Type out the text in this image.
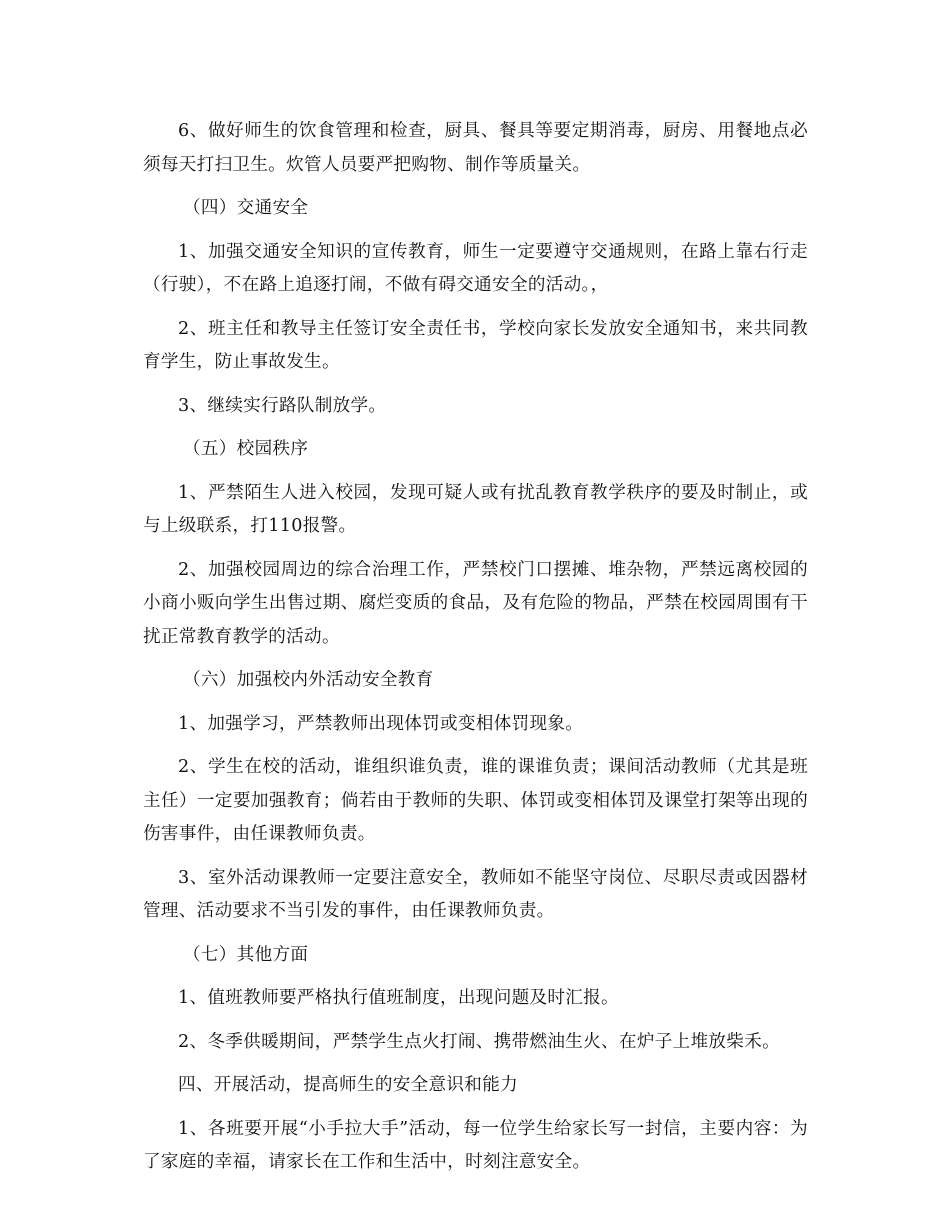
6、做好师生的饮食管理和检查，厨具、餐具等要定期消毒，厨房、用餐地点必须每天打扫卫生。炊管人员要严把购物、制作等质量关。

（四）交通安全

1、加强交通安全知识的宣传教育，师生一定要遵守交通规则，在路上靠右行走（行驶），不在路上追逐打闹，不做有碍交通安全的活动。，

2、班主任和教导主任签订安全责任书，学校向家长发放安全通知书，来共同教育学生，防止事故发生。

3、继续实行路队制放学。

（五）校园秩序

1、严禁陌生人进入校园，发现可疑人或有扰乱教育教学秩序的要及时制止，或与上级联系，打110报警。

2、加强校园周边的综合治理工作，严禁校门口摆摊、堆杂物，严禁远离校园的小商小贩向学生出售过期、腐烂变质的食品，及有危险的物品，严禁在校园周围有干扰正常教育教学的活动。

（六）加强校内外活动安全教育

1、加强学习，严禁教师出现体罚或变相体罚现象。

2、学生在校的活动，谁组织谁负责，谁的课谁负责；课间活动教师（尤其是班主任）一定要加强教育；倘若由于教师的失职、体罚或变相体罚及课堂打架等出现的伤害事件，由任课教师负责。

3、室外活动课教师一定要注意安全，教师如不能坚守岗位、尽职尽责或因器材管理、活动要求不当引发的事件，由任课教师负责。

（七）其他方面

1、值班教师要严格执行值班制度，出现问题及时汇报。

2、冬季供暖期间，严禁学生点火打闹、携带燃油生火、在炉子上堆放柴禾。

四、开展活动，提高师生的安全意识和能力

1、各班要开展“小手拉大手”活动，每一位学生给家长写一封信，主要内容：为了家庭的幸福，请家长在工作和生活中，时刻注意安全。
